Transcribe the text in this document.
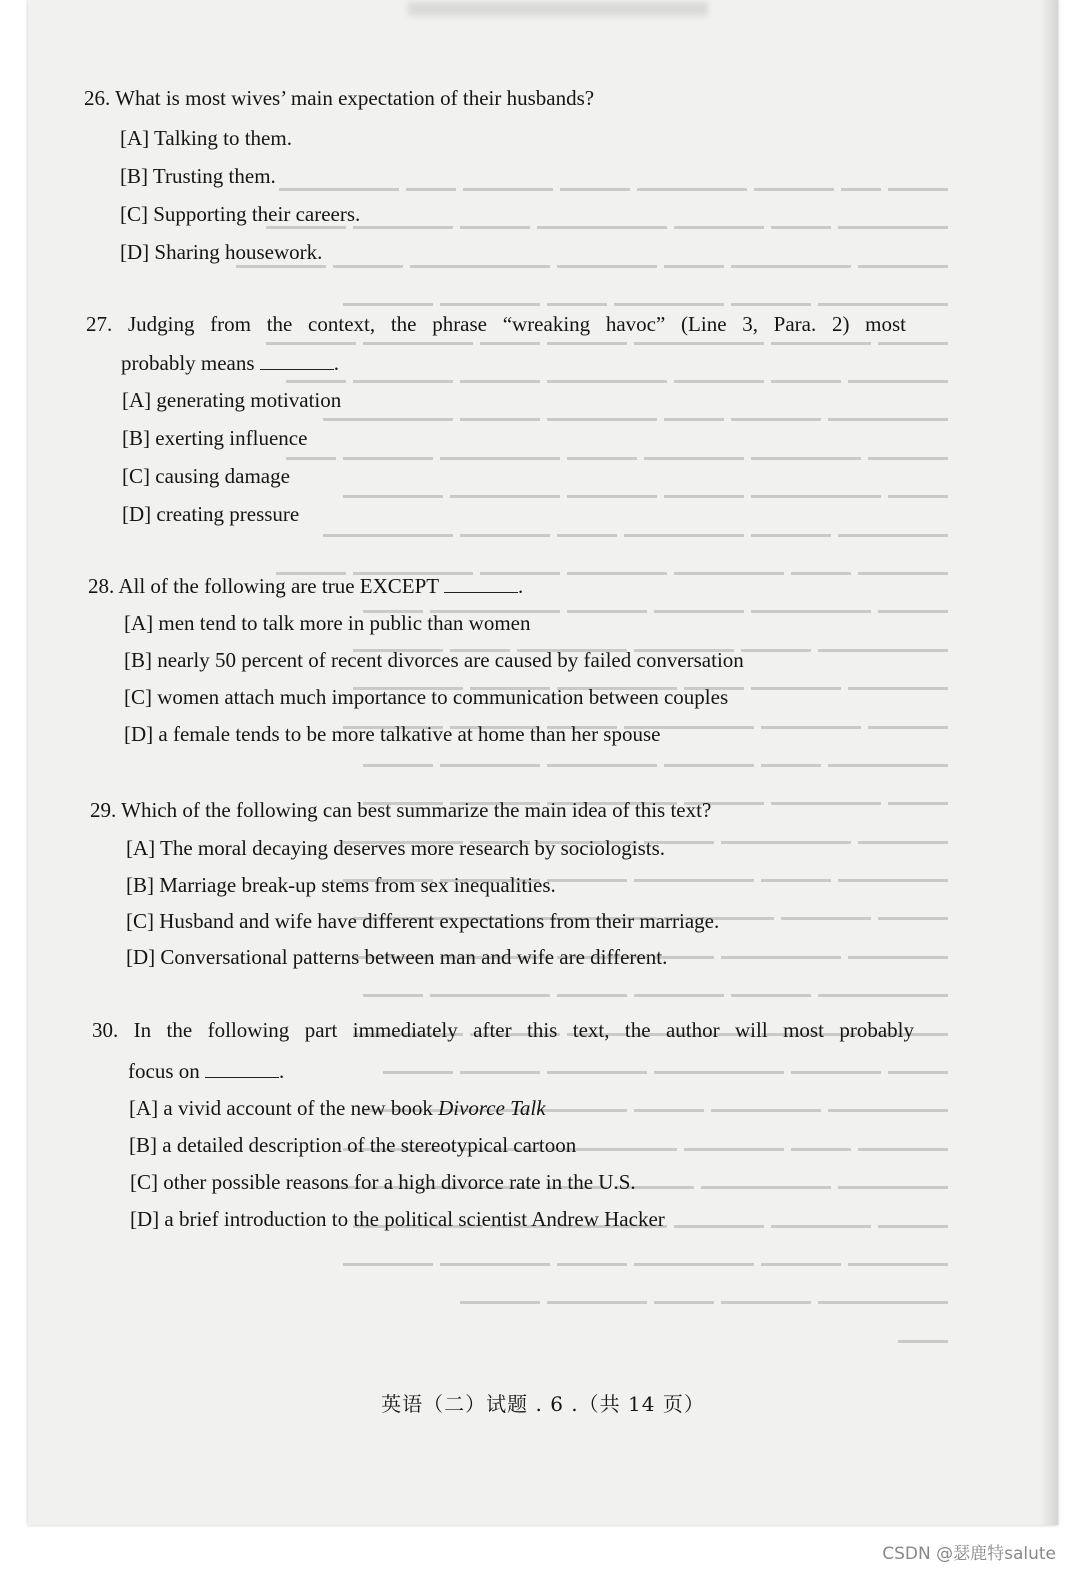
26. What is most wives’ main expectation of their husbands?
[A] Talking to them.
[B] Trusting them.
[C] Supporting their careers.
[D] Sharing housework.
27. Judging from the context, the phrase “wreaking havoc” (Line 3, Para. 2) most
probably means	.
[A] generating motivation
[B] exerting influence
[C] causing damage
[D] creating pressure
28. All of the following are true EXCEPT	.
[A] men tend to talk more in public than women
[B] nearly 50 percent of recent divorces are caused by failed conversation
[C] women attach much importance to communication between couples
[D] a female tends to be more talkative at home than her spouse
29. Which of the following can best summarize the main idea of this text?
[A] The moral decaying deserves more research by sociologists.
[B] Marriage break-up stems from sex inequalities.
[C] Husband and wife have different expectations from their marriage.
[D] Conversational patterns between man and wife are different.
30. In the following part immediately after this text, the author will most probably
focus on	.
[A] a vivid account of the new book Divorce Talk
[B] a detailed description of the stereotypical cartoon
[C] other possible reasons for a high divorce rate in the U.S.
[D] a brief introduction to the political scientist Andrew Hacker
英语（二）试题 . 6 .（共 14 页）
CSDN @瑟鹿特salute
